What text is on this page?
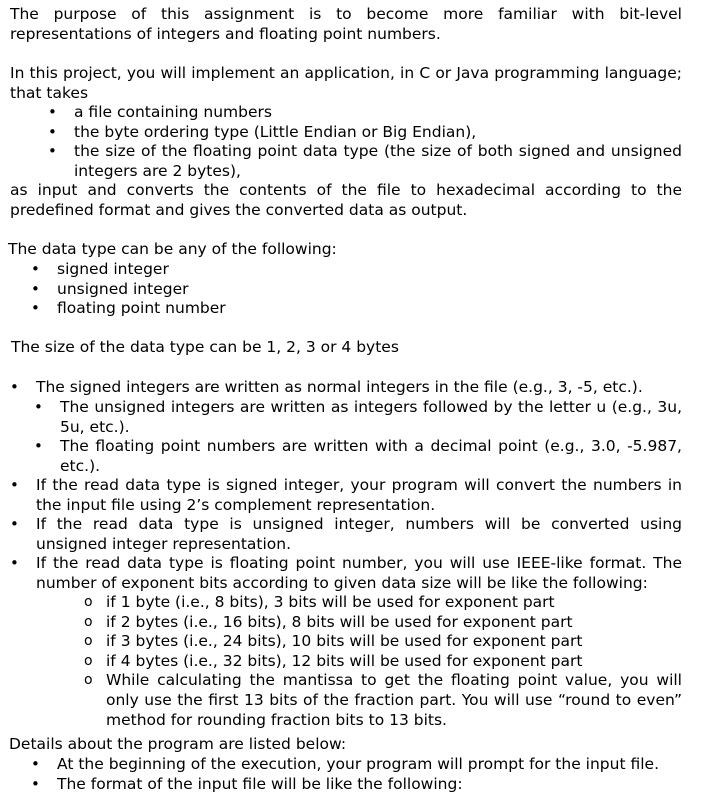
The purpose of this assignment is to become more familiar with bit-level representations of integers and floating point numbers.

In this project, you will implement an application, in C or Java programming language; that takes

• a file containing numbers
• the byte ordering type (Little Endian or Big Endian),
• the size of the floating point data type (the size of both signed and unsigned integers are 2 bytes),

as input and converts the contents of the file to hexadecimal according to the predefined format and gives the converted data as output.

The data type can be any of the following:

• signed integer
• unsigned integer
• floating point number

The size of the data type can be 1, 2, 3 or 4 bytes

• The signed integers are written as normal integers in the file (e.g., 3, -5, etc.).
• The unsigned integers are written as integers followed by the letter u (e.g., 3u, 5u, etc.).
• The floating point numbers are written with a decimal point (e.g., 3.0, -5.987, etc.).
• If the read data type is signed integer, your program will convert the numbers in the input file using 2’s complement representation.
• If the read data type is unsigned integer, numbers will be converted using unsigned integer representation.
• If the read data type is floating point number, you will use IEEE-like format. The number of exponent bits according to given data size will be like the following:
o if 1 byte (i.e., 8 bits), 3 bits will be used for exponent part
o if 2 bytes (i.e., 16 bits), 8 bits will be used for exponent part
o if 3 bytes (i.e., 24 bits), 10 bits will be used for exponent part
o if 4 bytes (i.e., 32 bits), 12 bits will be used for exponent part
o While calculating the mantissa to get the floating point value, you will only use the first 13 bits of the fraction part. You will use “round to even” method for rounding fraction bits to 13 bits.

Details about the program are listed below:

• At the beginning of the execution, your program will prompt for the input file.
• The format of the input file will be like the following:
